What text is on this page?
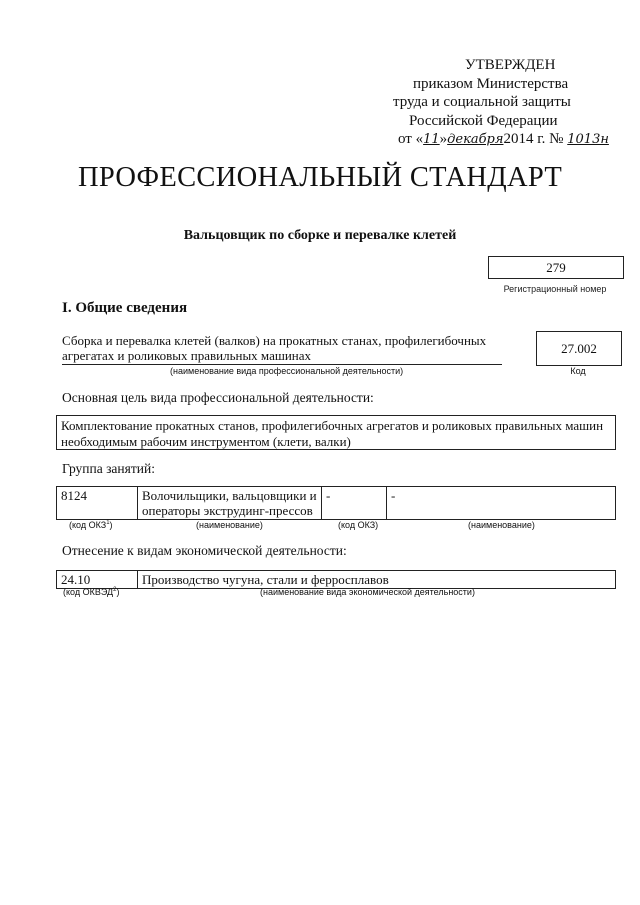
УТВЕРЖДЕН
приказом Министерства
труда и социальной защиты
Российской Федерации
от «11»декабря2014 г. № 1013н
ПРОФЕССИОНАЛЬНЫЙ СТАНДАРТ
Вальцовщик по сборке и перевалке клетей
279
Регистрационный номер
I. Общие сведения
Сборка и перевалка клетей (валков) на прокатных станах, профилегибочных агрегатах и роликовых правильных машинах
(наименование вида профессиональной деятельности)
27.002
Код
Основная цель вида профессиональной деятельности:
Комплектование прокатных станов, профилегибочных агрегатов и роликовых правильных машин необходимым рабочим инструментом (клети, валки)
Группа занятий:
8124	Волочильщики, вальцовщики и операторы экструдинг-прессов	-	-
(код ОКЗ$^1$)	(наименование)	(код ОКЗ)	(наименование)
Отнесение к видам экономической деятельности:
24.10	Производство чугуна, стали и ферросплавов
(код ОКВЭД$^2$)	(наименование вида экономической деятельности)
